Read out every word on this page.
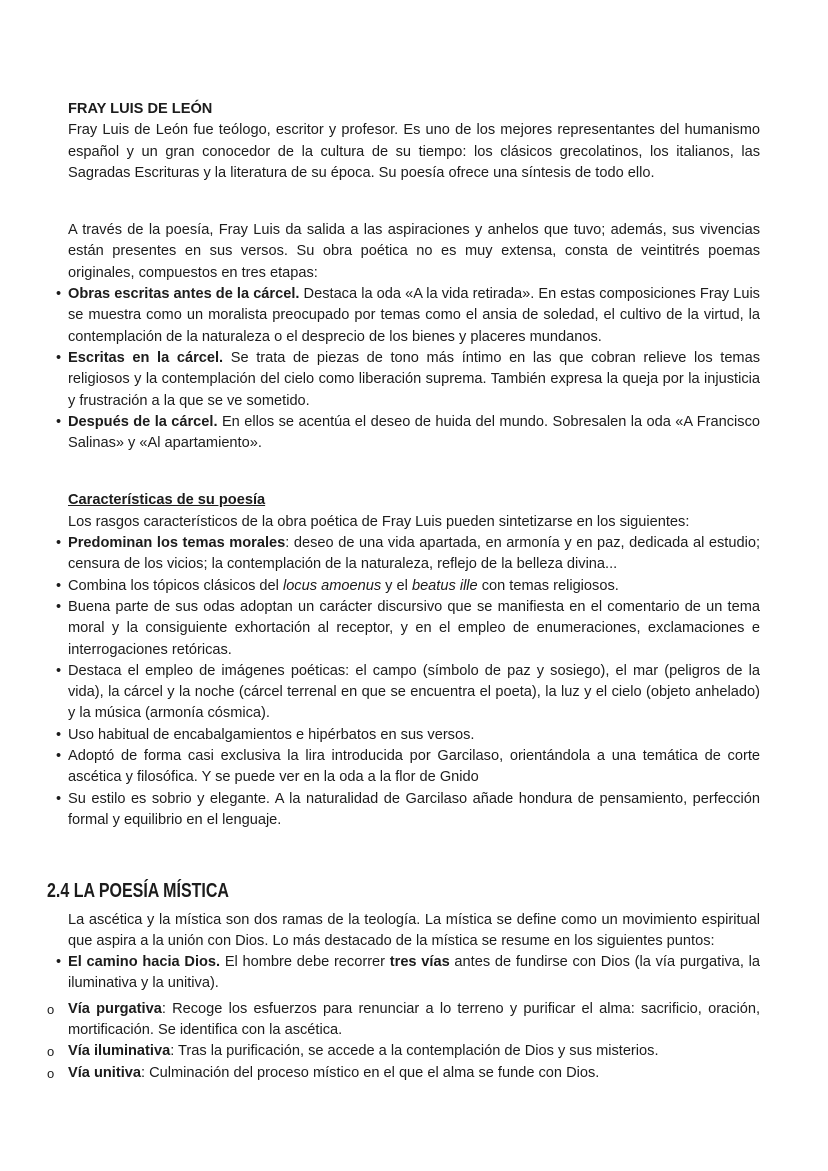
FRAY LUIS DE LEÓN

Fray Luis de León fue teólogo, escritor y profesor. Es uno de los mejores representantes del humanismo español y un gran conocedor de la cultura de su tiempo: los clásicos grecolatinos, los italianos, las Sagradas Escrituras y la literatura de su época. Su poesía ofrece una síntesis de todo ello.

A través de la poesía, Fray Luis da salida a las aspiraciones y anhelos que tuvo; además, sus vivencias están presentes en sus versos. Su obra poética no es muy extensa, consta de veintitrés poemas originales, compuestos en tres etapas:

• Obras escritas antes de la cárcel. Destaca la oda «A la vida retirada». En estas composiciones Fray Luis se muestra como un moralista preocupado por temas como el ansia de soledad, el cultivo de la virtud, la contemplación de la naturaleza o el desprecio de los bienes y placeres mundanos.
• Escritas en la cárcel. Se trata de piezas de tono más íntimo en las que cobran relieve los temas religiosos y la contemplación del cielo como liberación suprema. También expresa la queja por la injusticia y frustración a la que se ve sometido.
• Después de la cárcel. En ellos se acentúa el deseo de huida del mundo. Sobresalen la oda «A Francisco Salinas» y «Al apartamiento».
Características de su poesía

Los rasgos característicos de la obra poética de Fray Luis pueden sintetizarse en los siguientes:

• Predominan los temas morales: deseo de una vida apartada, en armonía y en paz, dedicada al estudio; censura de los vicios; la contemplación de la naturaleza, reflejo de la belleza divina...
• Combina los tópicos clásicos del locus amoenus y el beatus ille con temas religiosos.
• Buena parte de sus odas adoptan un carácter discursivo que se manifiesta en el comentario de un tema moral y la consiguiente exhortación al receptor, y en el empleo de enumeraciones, exclamaciones e interrogaciones retóricas.
• Destaca el empleo de imágenes poéticas: el campo (símbolo de paz y sosiego), el mar (peligros de la vida), la cárcel y la noche (cárcel terrenal en que se encuentra el poeta), la luz y el cielo (objeto anhelado) y la música (armonía cósmica).
• Uso habitual de encabalgamientos e hipérbatos en sus versos.
• Adoptó de forma casi exclusiva la lira introducida por Garcilaso, orientándola a una temática de corte ascética y filosófica. Y se puede ver en la oda a la flor de Gnido
• Su estilo es sobrio y elegante. A la naturalidad de Garcilaso añade hondura de pensamiento, perfección formal y equilibrio en el lenguaje.
2.4 LA POESÍA MÍSTICA

La ascética y la mística son dos ramas de la teología. La mística se define como un movimiento espiritual que aspira a la unión con Dios. Lo más destacado de la mística se resume en los siguientes puntos:

• El camino hacia Dios. El hombre debe recorrer tres vías antes de fundirse con Dios (la vía purgativa, la iluminativa y la unitiva).
o Vía purgativa: Recoge los esfuerzos para renunciar a lo terreno y purificar el alma: sacrificio, oración, mortificación. Se identifica con la ascética.
o Vía iluminativa: Tras la purificación, se accede a la contemplación de Dios y sus misterios.
o Vía unitiva: Culminación del proceso místico en el que el alma se funde con Dios.
